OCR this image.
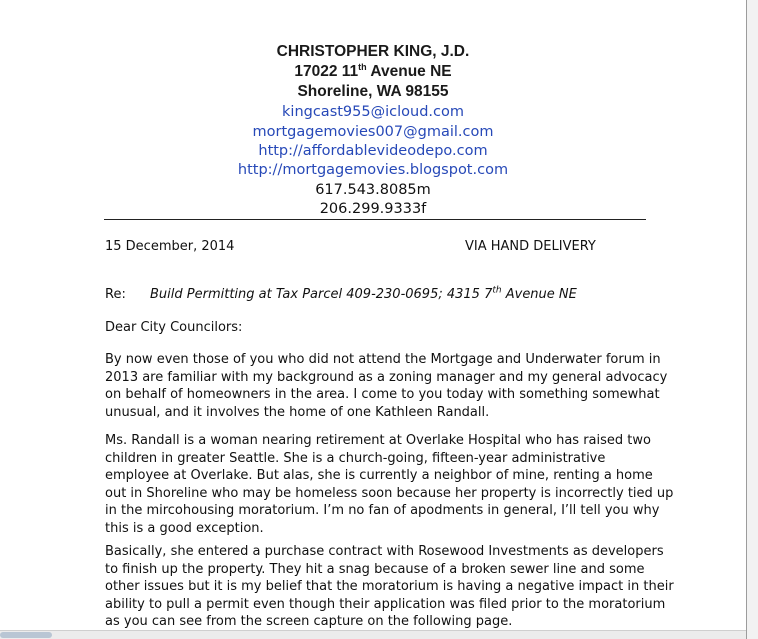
CHRISTOPHER KING, J.D.

17022 11th Avenue NE

Shoreline, WA 98155

kingcast955@icloud.com

mortgagemovies007@gmail.com

http://affordablevideodepo.com

http://mortgagemovies.blogspot.com

617.543.8085m

206.299.9333f

15 December, 2014	VIA HAND DELIVERY

Re: Build Permitting at Tax Parcel 409-230-0695; 4315 7th Avenue NE

Dear City Councilors:

By now even those of you who did not attend the Mortgage and Underwater forum in
2013 are familiar with my background as a zoning manager and my general advocacy
on behalf of homeowners in the area. I come to you today with something somewhat
unusual, and it involves the home of one Kathleen Randall.
Ms. Randall is a woman nearing retirement at Overlake Hospital who has raised two
children in greater Seattle. She is a church-going, fifteen-year administrative
employee at Overlake. But alas, she is currently a neighbor of mine, renting a home
out in Shoreline who may be homeless soon because her property is incorrectly tied up
in the mircohousing moratorium. I’m no fan of apodments in general, I’ll tell you why
this is a good exception.
Basically, she entered a purchase contract with Rosewood Investments as developers
to finish up the property. They hit a snag because of a broken sewer line and some
other issues but it is my belief that the moratorium is having a negative impact in their
ability to pull a permit even though their application was filed prior to the moratorium
as you can see from the screen capture on the following page.
